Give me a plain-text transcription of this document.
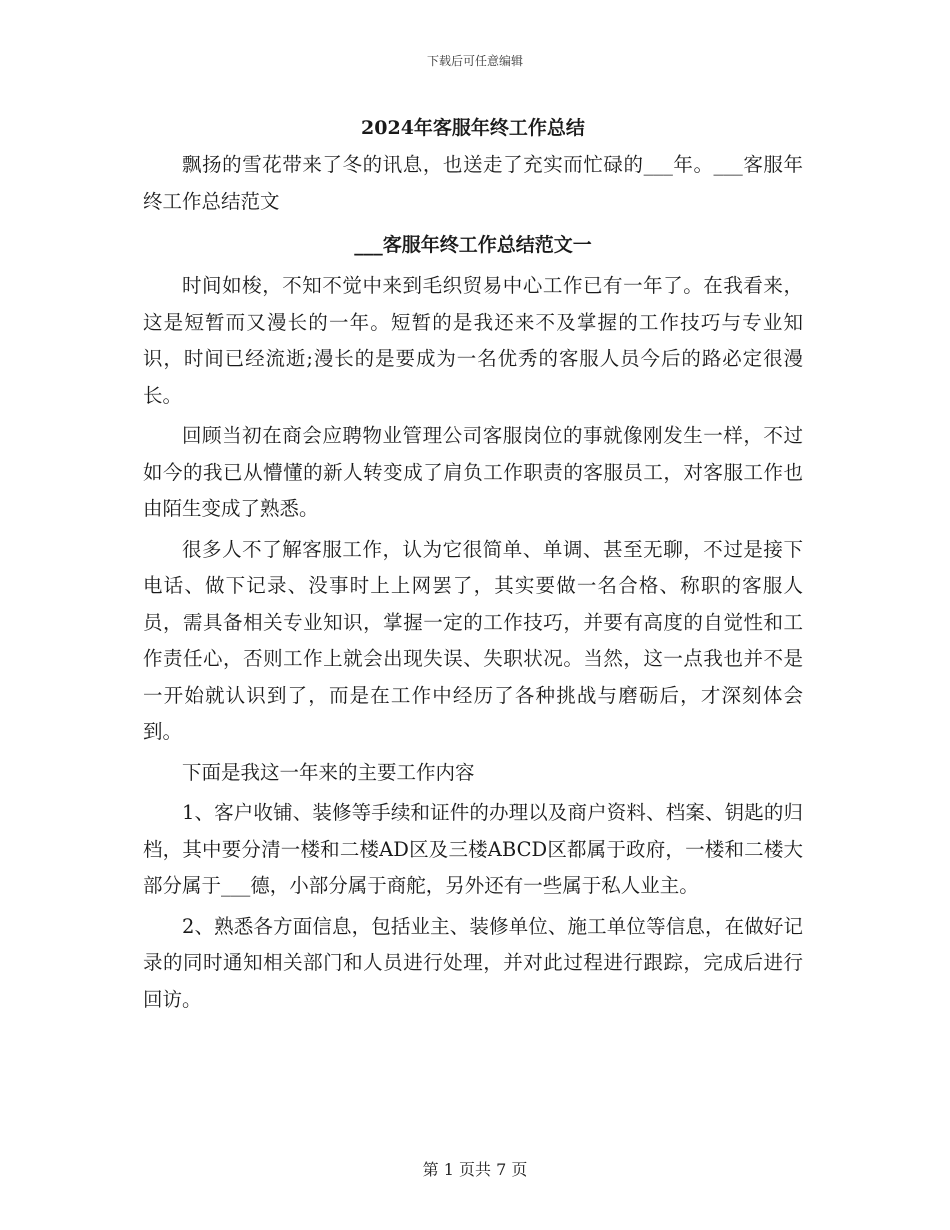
下载后可任意编辑
2024年客服年终工作总结

飘扬的雪花带来了冬的讯息，也送走了充实而忙碌的___年。___客服年终工作总结范文

___客服年终工作总结范文一

时间如梭，不知不觉中来到毛织贸易中心工作已有一年了。在我看来，这是短暂而又漫长的一年。短暂的是我还来不及掌握的工作技巧与专业知识，时间已经流逝;漫长的是要成为一名优秀的客服人员今后的路必定很漫长。

回顾当初在商会应聘物业管理公司客服岗位的事就像刚发生一样，不过如今的我已从懵懂的新人转变成了肩负工作职责的客服员工，对客服工作也由陌生变成了熟悉。

很多人不了解客服工作，认为它很简单、单调、甚至无聊，不过是接下电话、做下记录、没事时上上网罢了，其实要做一名合格、称职的客服人员，需具备相关专业知识，掌握一定的工作技巧，并要有高度的自觉性和工作责任心，否则工作上就会出现失误、失职状况。当然，这一点我也并不是一开始就认识到了，而是在工作中经历了各种挑战与磨砺后，才深刻体会到。

下面是我这一年来的主要工作内容

1、客户收铺、装修等手续和证件的办理以及商户资料、档案、钥匙的归档，其中要分清一楼和二楼AD区及三楼ABCD区都属于政府，一楼和二楼大部分属于___德，小部分属于商舵，另外还有一些属于私人业主。

2、熟悉各方面信息，包括业主、装修单位、施工单位等信息，在做好记录的同时通知相关部门和人员进行处理，并对此过程进行跟踪，完成后进行回访。

第 1 页共 7 页
